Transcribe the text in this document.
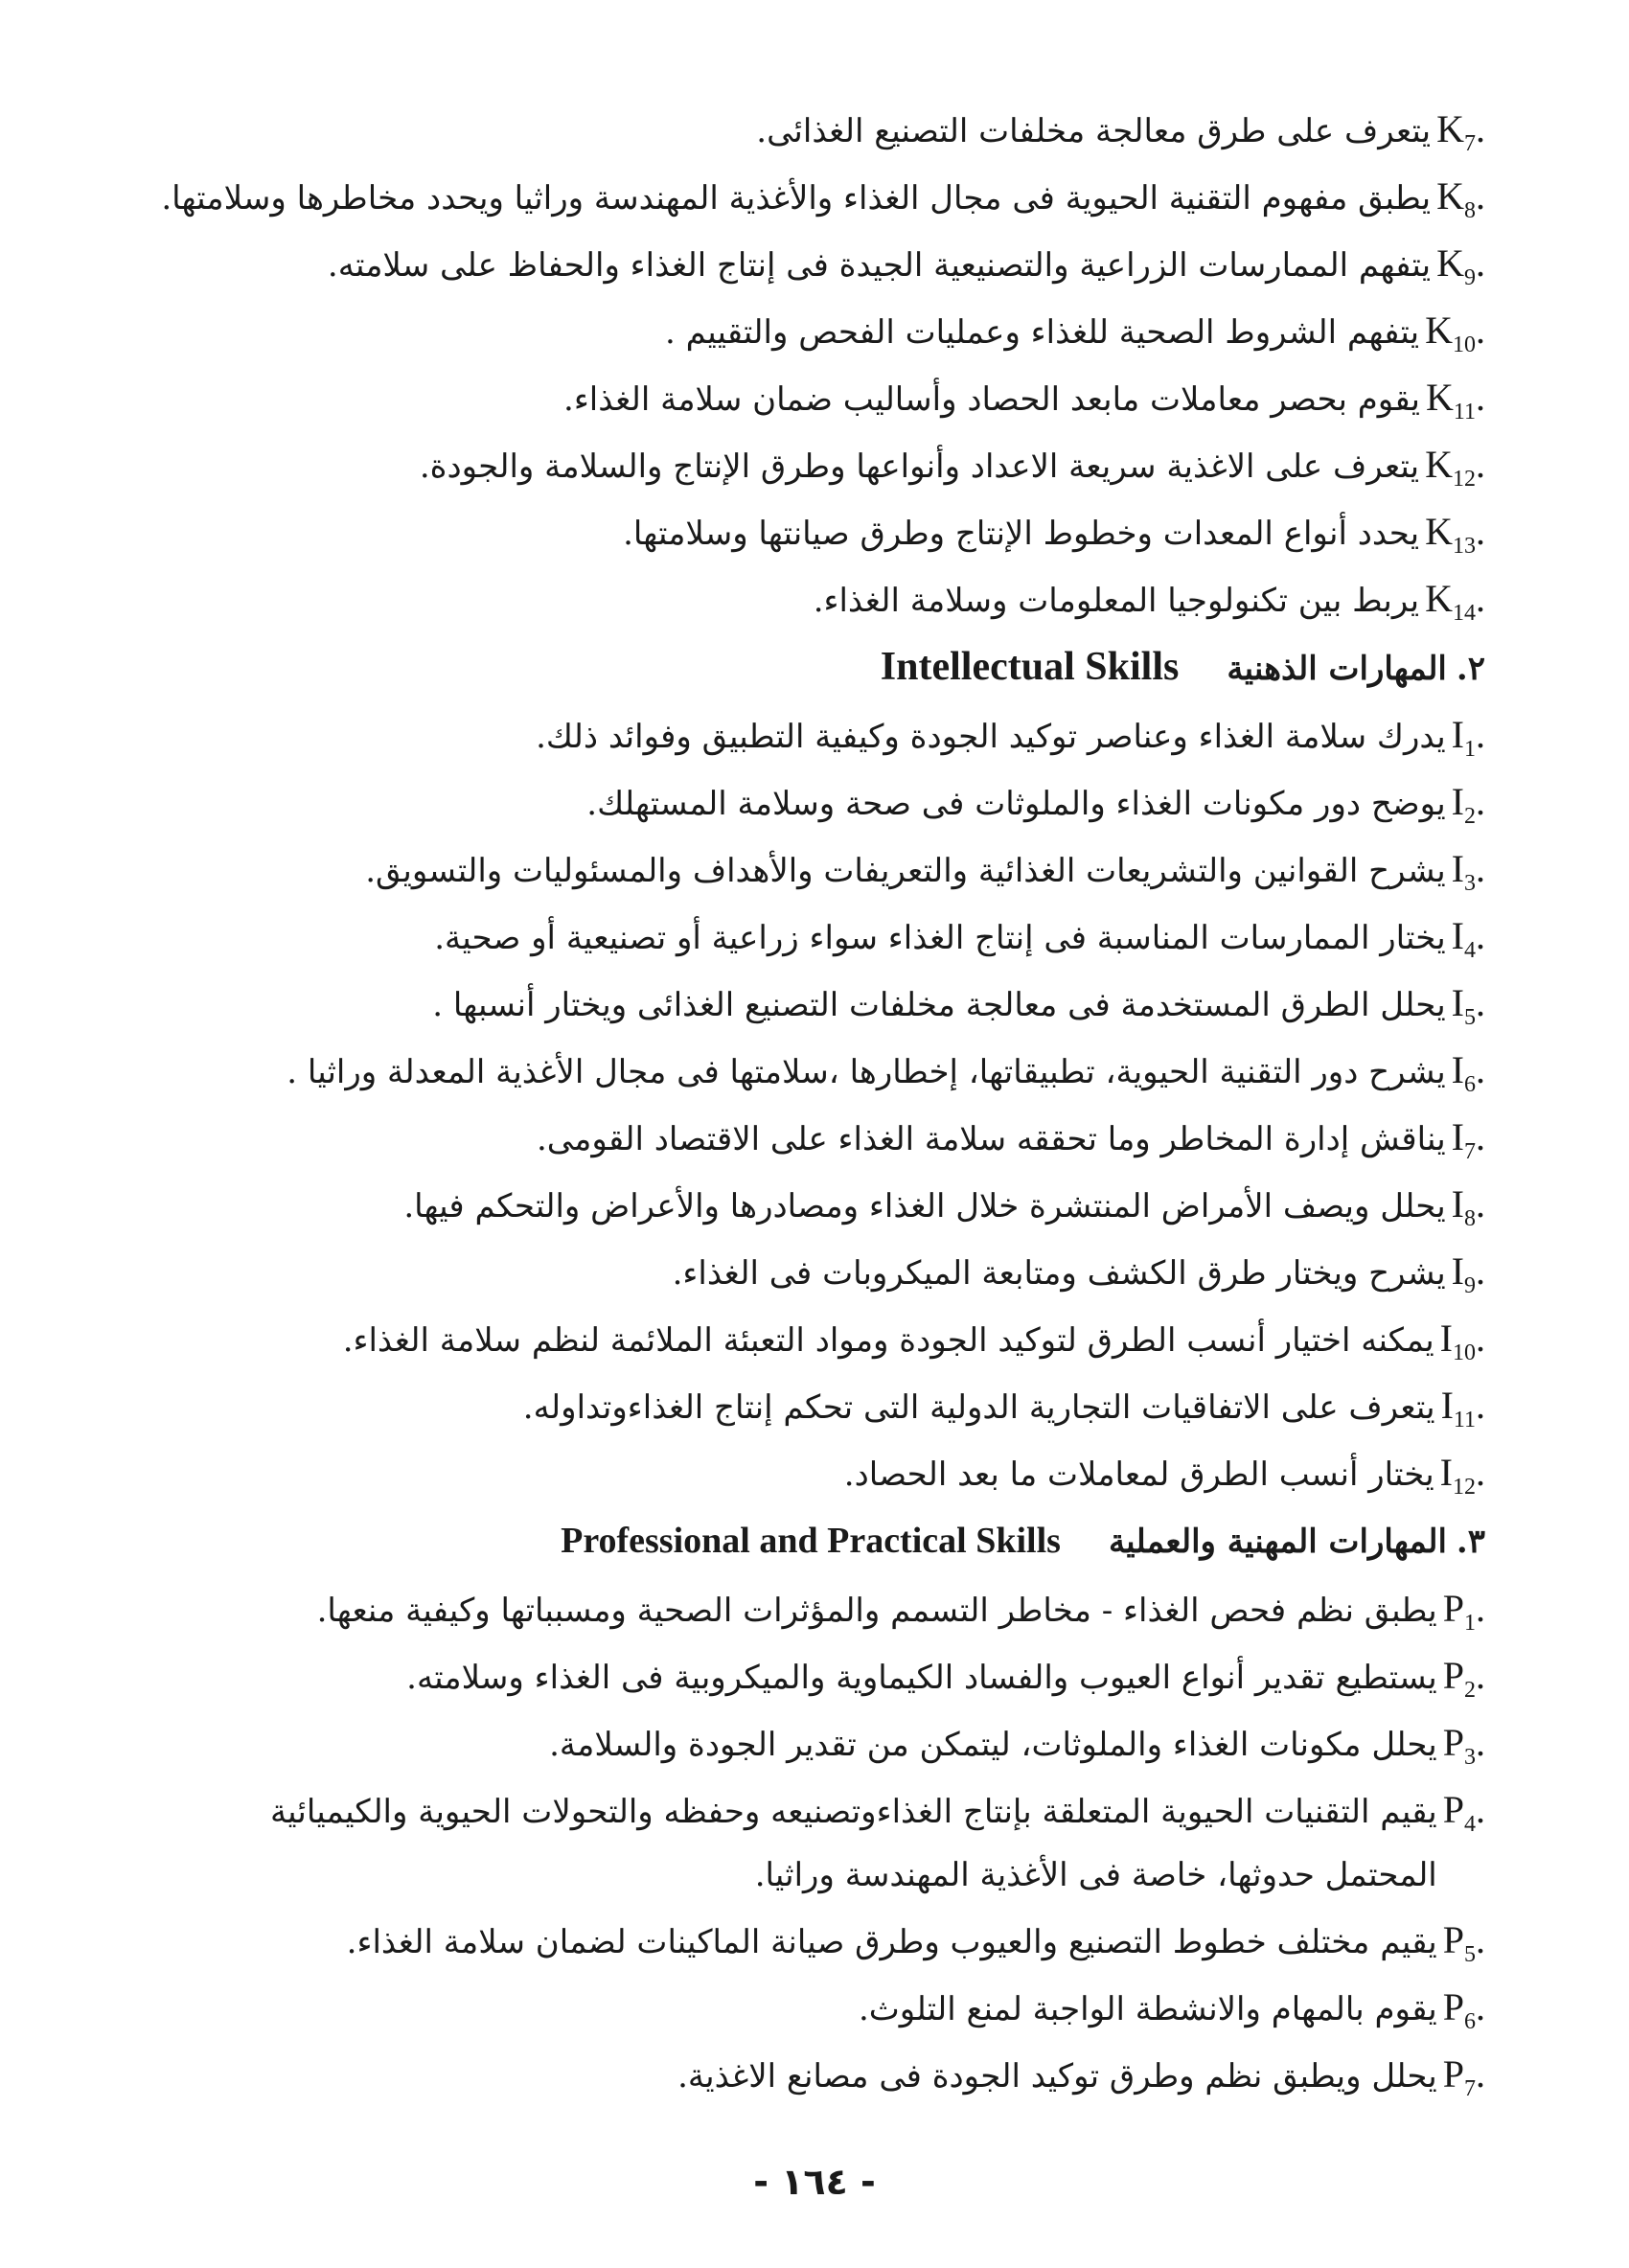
$K_7$.
يتعرف على طرق معالجة مخلفات التصنيع الغذائى.
$K_8$.
يطبق مفهوم التقنية الحيوية فى مجال الغذاء والأغذية المهندسة وراثيا ويحدد مخاطرها وسلامتها.
$K_9$.
يتفهم الممارسات الزراعية والتصنيعية الجيدة فى إنتاج الغذاء والحفاظ على سلامته.
$K_{10}$.
يتفهم الشروط الصحية للغذاء وعمليات الفحص والتقييم .
$K_{11}$.
يقوم بحصر معاملات مابعد الحصاد وأساليب ضمان سلامة الغذاء.
$K_{12}$.
يتعرف على الاغذية سريعة الاعداد وأنواعها وطرق الإنتاج والسلامة والجودة.
$K_{13}$.
يحدد أنواع المعدات وخطوط الإنتاج وطرق صيانتها وسلامتها.
$K_{14}$.
يربط بين تكنولوجيا المعلومات وسلامة الغذاء.
٢.
المهارات الذهنية
Intellectual Skills
$I_1$.
يدرك سلامة الغذاء وعناصر توكيد الجودة وكيفية التطبيق وفوائد ذلك.
$I_2$.
يوضح دور مكونات الغذاء والملوثات فى صحة وسلامة المستهلك.
$I_3$.
يشرح القوانين والتشريعات الغذائية والتعريفات والأهداف والمسئوليات والتسويق.
$I_4$.
يختار الممارسات المناسبة فى إنتاج الغذاء سواء زراعية أو تصنيعية أو صحية.
$I_5$.
يحلل الطرق المستخدمة فى معالجة مخلفات التصنيع الغذائى ويختار أنسبها .
$I_6$.
يشرح دور التقنية الحيوية، تطبيقاتها، إخطارها ،سلامتها فى مجال الأغذية المعدلة وراثيا .
$I_7$.
يناقش إدارة المخاطر وما تحققه سلامة الغذاء على الاقتصاد القومى.
$I_8$.
يحلل ويصف الأمراض المنتشرة خلال الغذاء ومصادرها والأعراض والتحكم فيها.
$I_9$.
يشرح ويختار طرق الكشف ومتابعة الميكروبات فى الغذاء.
$I_{10}$.
يمكنه اختيار أنسب الطرق لتوكيد الجودة ومواد التعبئة الملائمة لنظم سلامة الغذاء.
$I_{11}$.
يتعرف على الاتفاقيات التجارية الدولية التى تحكم إنتاج الغذاءوتداوله.
$I_{12}$.
يختار أنسب الطرق لمعاملات ما بعد الحصاد.
٣.
المهارات المهنية والعملية
Professional and Practical Skills
$P_1$.
يطبق نظم فحص الغذاء - مخاطر التسمم والمؤثرات الصحية ومسبباتها وكيفية منعها.
$P_2$.
يستطيع تقدير أنواع العيوب والفساد الكيماوية والميكروبية فى الغذاء وسلامته.
$P_3$.
يحلل مكونات الغذاء والملوثات، ليتمكن من تقدير الجودة والسلامة.
$P_4$.
يقيم التقنيات الحيوية المتعلقة بإنتاج الغذاءوتصنيعه وحفظه والتحولات الحيوية والكيميائية المحتمل حدوثها، خاصة فى الأغذية المهندسة وراثيا.
$P_5$.
يقيم مختلف خطوط التصنيع والعيوب وطرق صيانة الماكينات لضمان سلامة الغذاء.
$P_6$.
يقوم بالمهام والانشطة الواجبة لمنع التلوث.
$P_7$.
يحلل ويطبق نظم وطرق توكيد الجودة فى مصانع الاغذية.
- ١٦٤ -
